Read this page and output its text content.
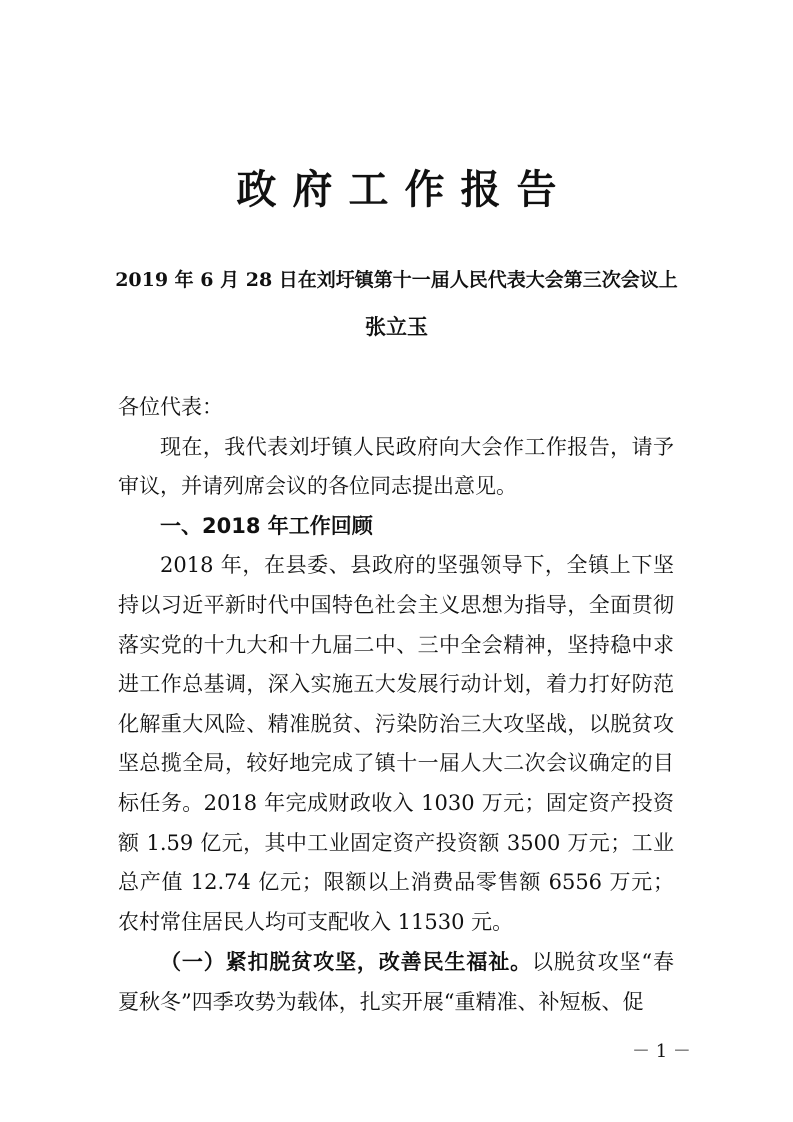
政府工作报告
2019 年 6 月 28 日在刘圩镇第十一届人民代表大会第三次会议上
张立玉

各位代表：

现在，我代表刘圩镇人民政府向大会作工作报告，请予审议，并请列席会议的各位同志提出意见。

一、2018 年工作回顾

2018 年，在县委、县政府的坚强领导下，全镇上下坚持以习近平新时代中国特色社会主义思想为指导，全面贯彻落实党的十九大和十九届二中、三中全会精神，坚持稳中求进工作总基调，深入实施五大发展行动计划，着力打好防范化解重大风险、精准脱贫、污染防治三大攻坚战，以脱贫攻坚总揽全局，较好地完成了镇十一届人大二次会议确定的目标任务。2018 年完成财政收入 1030 万元；固定资产投资额 1.59 亿元，其中工业固定资产投资额 3500 万元；工业总产值 12.74 亿元；限额以上消费品零售额 6556 万元；农村常住居民人均可支配收入 11530 元。

（一）紧扣脱贫攻坚，改善民生福祉。以脱贫攻坚“春夏秋冬”四季攻势为载体，扎实开展“重精准、补短板、促

－ 1 －
